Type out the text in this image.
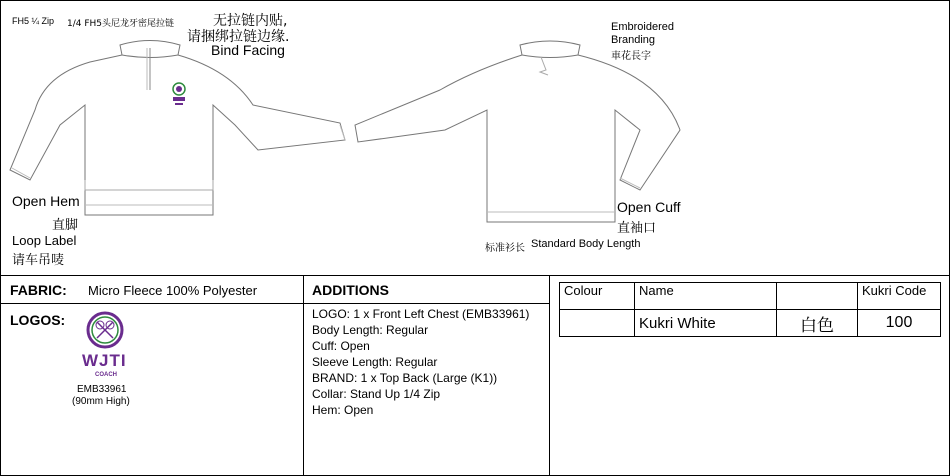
FH5 ¼ Zip 1/4 FH5头尼龙牙密尾拉链	无拉链内贴,
请捆绑拉链边缘.
Bind Facing
Open Hem
直脚
Loop Label
请车吊唛
Embroidered
Branding
車花長字
Open Cuff
直袖口
标准衫长 Standard Body Length
FABRIC: Micro Fleece 100% Polyester	ADDITIONS
LOGOS:
WJTI
COACH
EMB33961
(90mm High)
LOGO: 1 x Front Left Chest (EMB33961)
Body Length: Regular
Cuff: Open
Sleeve Length: Regular
BRAND: 1 x Top Back (Large (K1))
Collar: Stand Up 1/4 Zip
Hem: Open
Colour	Name		Kukri Code
	Kukri White	白色	100
